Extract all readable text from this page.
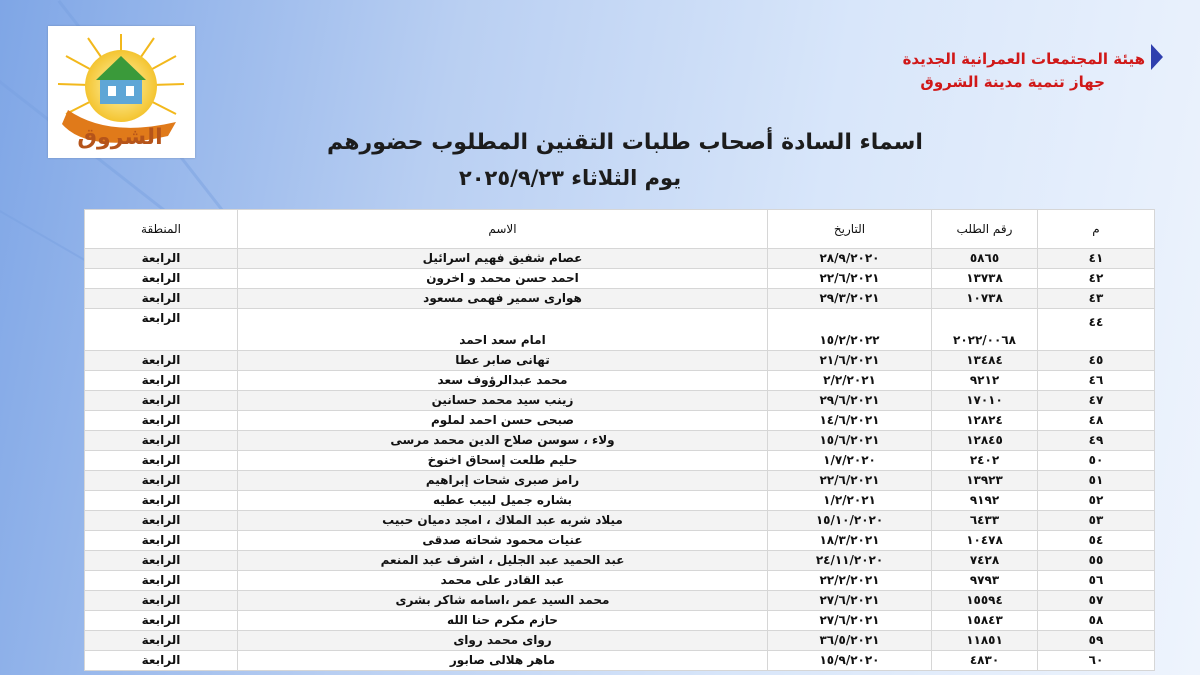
الشروق
هيئة المجتمعات العمرانية الجديدة
جهاز تنمية مدينة الشروق
اسماء السادة أصحاب طلبات التقنين المطلوب حضورهم
يوم الثلاثاء ٢٠٢٥/٩/٢٣
م	رقم الطلب	التاريخ	الاسم	المنطقة
٤١	٥٨٦٥	٢٨/٩/٢٠٢٠	عصام شفيق فهيم اسرائيل	الرابعة
٤٢	١٣٧٣٨	٢٢/٦/٢٠٢١	احمد حسن محمد و اخرون	الرابعة
٤٣	١٠٧٣٨	٢٩/٣/٢٠٢١	هوارى سمير فهمى مسعود	الرابعة
٤٤	٢٠٢٢/٠٠٦٨	١٥/٢/٢٠٢٢	امام سعد احمد	الرابعة
٤٥	١٣٤٨٤	٢١/٦/٢٠٢١	تهانى صابر عطا	الرابعة
٤٦	٩٢١٢	٢/٢/٢٠٢١	محمد عبدالرؤوف سعد	الرابعة
٤٧	١٧٠١٠	٢٩/٦/٢٠٢١	زينب سيد محمد حسانين	الرابعة
٤٨	١٢٨٢٤	١٤/٦/٢٠٢١	صبحى حسن احمد لملوم	الرابعة
٤٩	١٢٨٤٥	١٥/٦/٢٠٢١	ولاء ، سوسن صلاح الدين محمد مرسى	الرابعة
٥٠	٢٤٠٢	١/٧/٢٠٢٠	حليم طلعت إسحاق اخنوخ	الرابعة
٥١	١٣٩٢٣	٢٢/٦/٢٠٢١	رامز صبرى شحات إبراهيم	الرابعة
٥٢	٩١٩٢	١/٢/٢٠٢١	بشاره جميل لبيب عطيه	الرابعة
٥٣	٦٤٣٣	١٥/١٠/٢٠٢٠	ميلاد شربه عبد الملاك ، امجد دميان حبيب	الرابعة
٥٤	١٠٤٧٨	١٨/٣/٢٠٢١	عنيات محمود شحاته صدقى	الرابعة
٥٥	٧٤٢٨	٢٤/١١/٢٠٢٠	عبد الحميد عبد الجليل ، اشرف عبد المنعم	الرابعة
٥٦	٩٧٩٣	٢٢/٢/٢٠٢١	عبد القادر على محمد	الرابعة
٥٧	١٥٥٩٤	٢٧/٦/٢٠٢١	محمد السيد عمر ،اسامه شاكر بشرى	الرابعة
٥٨	١٥٨٤٣	٢٧/٦/٢٠٢١	حازم مكرم حنا الله	الرابعة
٥٩	١١٨٥١	٣٦/٥/٢٠٢١	رواى محمد رواى	الرابعة
٦٠	٤٨٣٠	١٥/٩/٢٠٢٠	ماهر هلالى صابور	الرابعة
